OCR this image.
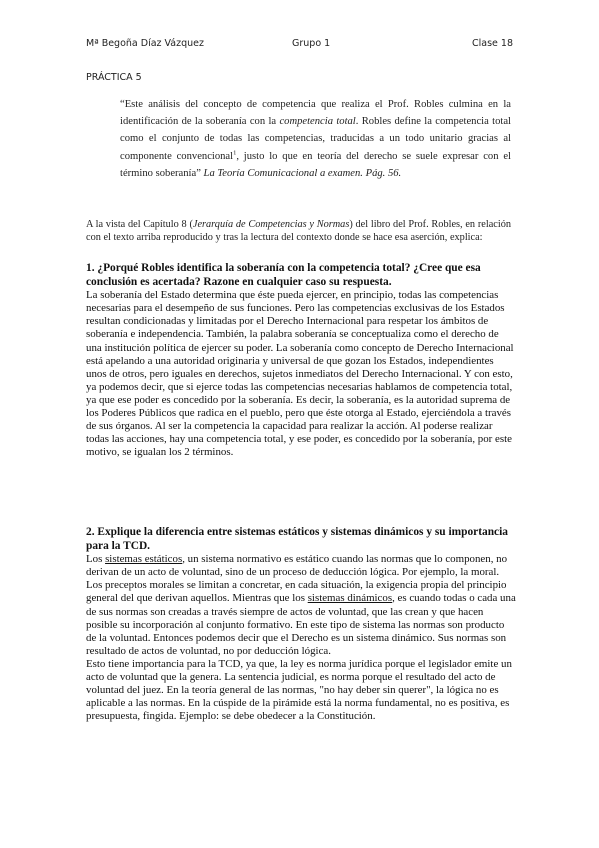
Mª Begoña Díaz Vázquez	Grupo 1	Clase 18
PRÁCTICA 5
“Este análisis del concepto de competencia que realiza el Prof. Robles culmina en la identificación de la soberanía con la competencia total. Robles define la competencia total como el conjunto de todas las competencias, traducidas a un todo unitario gracias al componente convencional$^1$, justo lo que en teoría del derecho se suele expresar con el término soberanía” La Teoría Comunicacional a examen. Pág. 56.
A la vista del Capítulo 8 (Jerarquía de Competencias y Normas) del libro del Prof. Robles, en relación con el texto arriba reproducido y tras la lectura del contexto donde se hace esa aserción, explica:
1. ¿Porqué Robles identifica la soberanía con la competencia total? ¿Cree que esa conclusión es acertada? Razone en cualquier caso su respuesta.
La soberanía del Estado determina que éste pueda ejercer, en principio, todas las competencias necesarias para el desempeño de sus funciones. Pero las competencias exclusivas de los Estados resultan condicionadas y limitadas por el Derecho Internacional para respetar los ámbitos de soberanía e independencia. También, la palabra soberanía se conceptualiza como el derecho de una institución política de ejercer su poder. La soberanía como concepto de Derecho Internacional está apelando a una autoridad originaria y universal de que gozan los Estados, independientes unos de otros, pero iguales en derechos, sujetos inmediatos del Derecho Internacional. Y con esto, ya podemos decir, que si ejerce todas las competencias necesarias hablamos de competencia total, ya que ese poder es concedido por la soberanía. Es decir, la soberanía, es la autoridad suprema de los Poderes Públicos que radica en el pueblo, pero que éste otorga al Estado, ejerciéndola a través de sus órganos. Al ser la competencia la capacidad para realizar la acción. Al poderse realizar todas las acciones, hay una competencia total, y ese poder, es concedido por la soberanía, por este motivo, se igualan los 2 términos.
2. Explique la diferencia entre sistemas estáticos y sistemas dinámicos y su importancia para la TCD.
Los sistemas estáticos, un sistema normativo es estático cuando las normas que lo componen, no derivan de un acto de voluntad, sino de un proceso de deducción lógica. Por ejemplo, la moral. Los preceptos morales se limitan a concretar, en cada situación, la exigencia propia del principio general del que derivan aquellos. Mientras que los sistemas dinámicos, es cuando todas o cada una de sus normas son creadas a través siempre de actos de voluntad, que las crean y que hacen posible su incorporación al conjunto formativo. En este tipo de sistema las normas son producto de la voluntad. Entonces podemos decir que el Derecho es un sistema dinámico. Sus normas son resultado de actos de voluntad, no por deducción lógica.
Esto tiene importancia para la TCD, ya que, la ley es norma jurídica porque el legislador emite un acto de voluntad que la genera. La sentencia judicial, es norma porque el resultado del acto de voluntad del juez. En la teoría general de las normas, "no hay deber sin querer", la lógica no es aplicable a las normas. En la cúspide de la pirámide está la norma fundamental, no es positiva, es presupuesta, fingida. Ejemplo: se debe obedecer a la Constitución.
